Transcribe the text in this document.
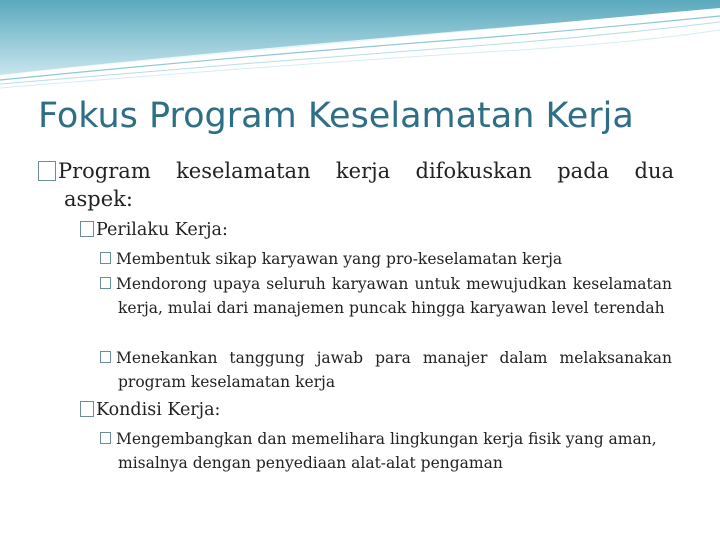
Fokus Program Keselamatan Kerja
Program keselamatan kerja difokuskan pada dua
aspek:
Perilaku Kerja:
Membentuk sikap karyawan yang pro-keselamatan kerja
Mendorong upaya seluruh karyawan untuk mewujudkan keselamatan kerja, mulai dari manajemen puncak hingga karyawan level terendah
Menekankan tanggung jawab para manajer dalam melaksanakan program keselamatan kerja
Kondisi Kerja:
Mengembangkan dan memelihara lingkungan kerja fisik yang aman, misalnya dengan penyediaan alat-alat pengaman
